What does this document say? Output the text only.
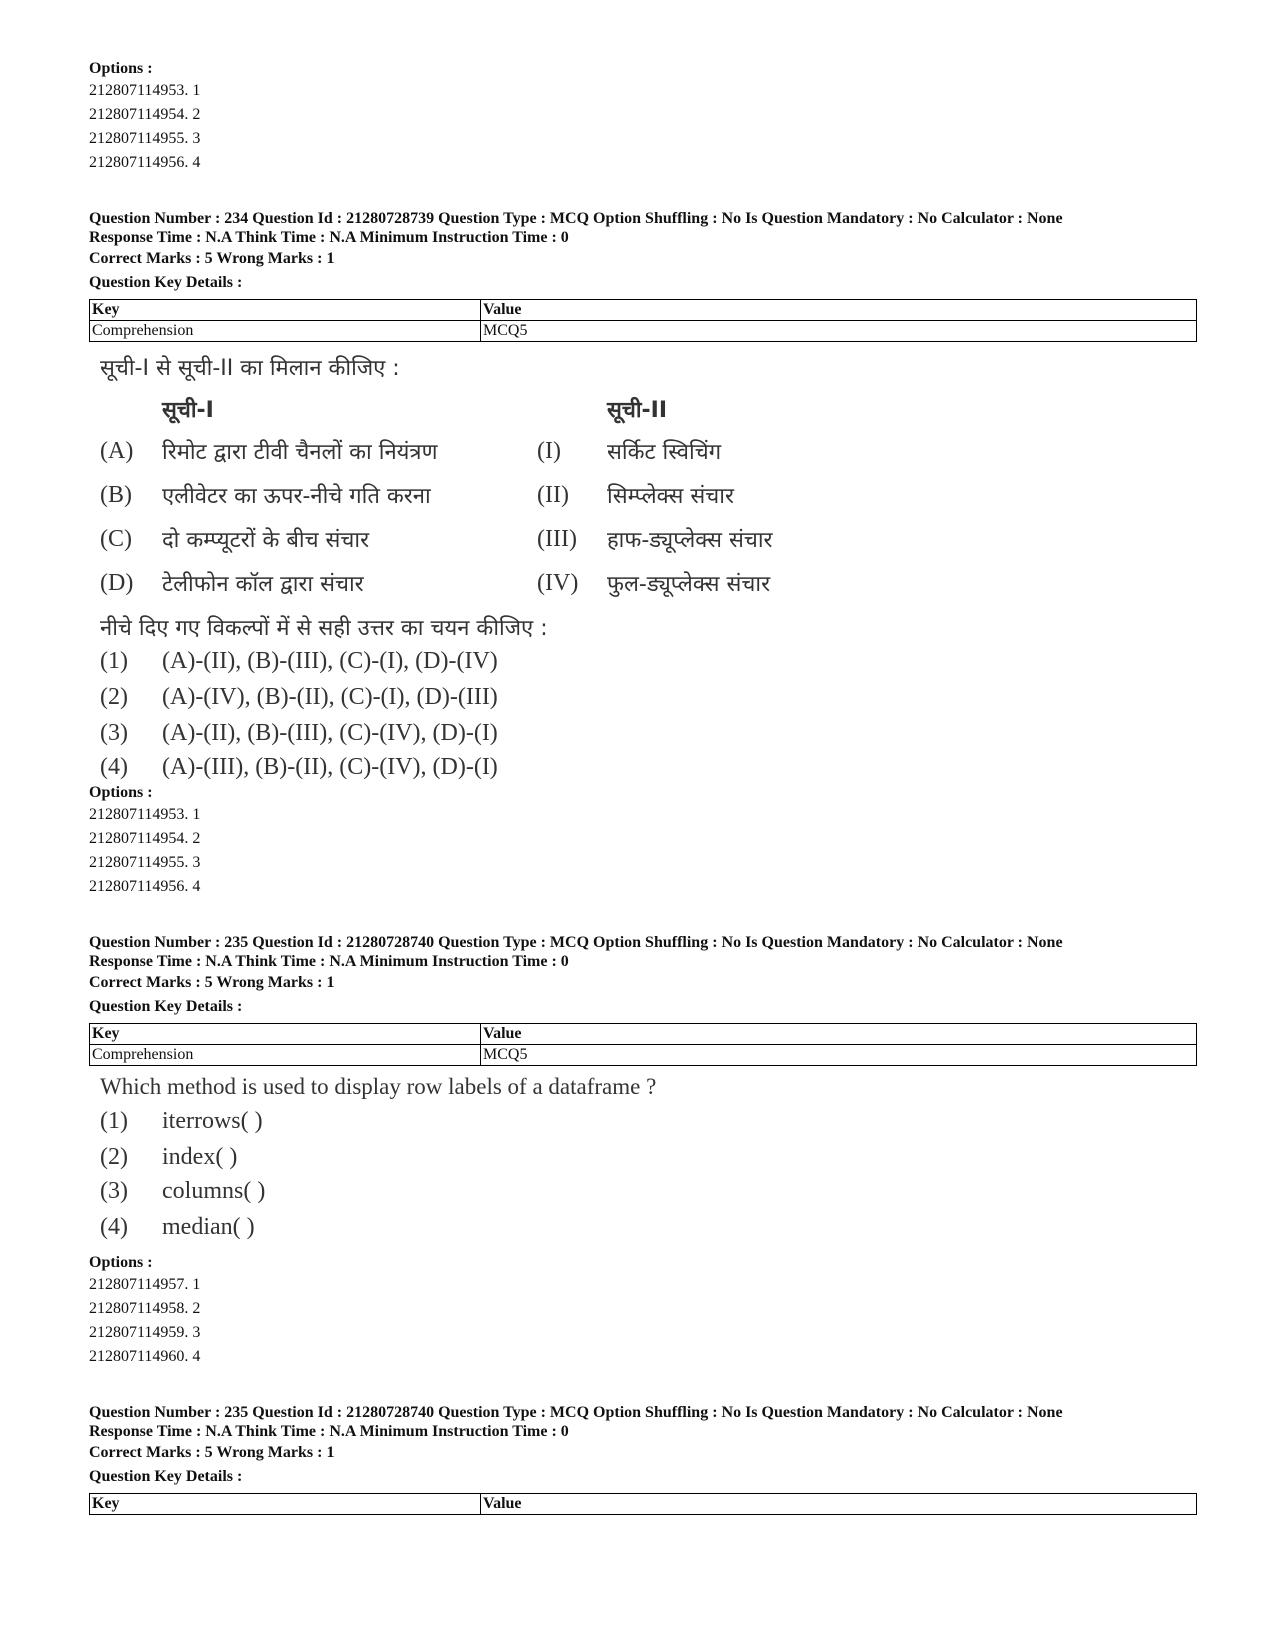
Options :
212807114953. 1
212807114954. 2
212807114955. 3
212807114956. 4
Question Number : 234 Question Id : 21280728739 Question Type : MCQ Option Shuffling : No Is Question Mandatory : No Calculator : None
Response Time : N.A Think Time : N.A Minimum Instruction Time : 0
Correct Marks : 5 Wrong Marks : 1
Question Key Details :
Key	Value
Comprehension	MCQ5
सूची-I से सूची-II का मिलान कीजिए :
सूची-I	सूची-II
(A) रिमोट द्वारा टीवी चैनलों का नियंत्रण	(I) सर्किट स्विचिंग
(B) एलीवेटर का ऊपर-नीचे गति करना	(II) सिम्प्लेक्स संचार
(C) दो कम्प्यूटरों के बीच संचार	(III) हाफ-ड्यूप्लेक्स संचार
(D) टेलीफोन कॉल द्वारा संचार	(IV) फुल-ड्यूप्लेक्स संचार
नीचे दिए गए विकल्पों में से सही उत्तर का चयन कीजिए :
(1) (A)-(II), (B)-(III), (C)-(I), (D)-(IV)
(2) (A)-(IV), (B)-(II), (C)-(I), (D)-(III)
(3) (A)-(II), (B)-(III), (C)-(IV), (D)-(I)
(4) (A)-(III), (B)-(II), (C)-(IV), (D)-(I)
Options :
212807114953. 1
212807114954. 2
212807114955. 3
212807114956. 4
Question Number : 235 Question Id : 21280728740 Question Type : MCQ Option Shuffling : No Is Question Mandatory : No Calculator : None
Response Time : N.A Think Time : N.A Minimum Instruction Time : 0
Correct Marks : 5 Wrong Marks : 1
Question Key Details :
Key	Value
Comprehension	MCQ5
Which method is used to display row labels of a dataframe ?
(1) iterrows( )
(2) index( )
(3) columns( )
(4) median( )
Options :
212807114957. 1
212807114958. 2
212807114959. 3
212807114960. 4
Question Number : 235 Question Id : 21280728740 Question Type : MCQ Option Shuffling : No Is Question Mandatory : No Calculator : None
Response Time : N.A Think Time : N.A Minimum Instruction Time : 0
Correct Marks : 5 Wrong Marks : 1
Question Key Details :
Key	Value
